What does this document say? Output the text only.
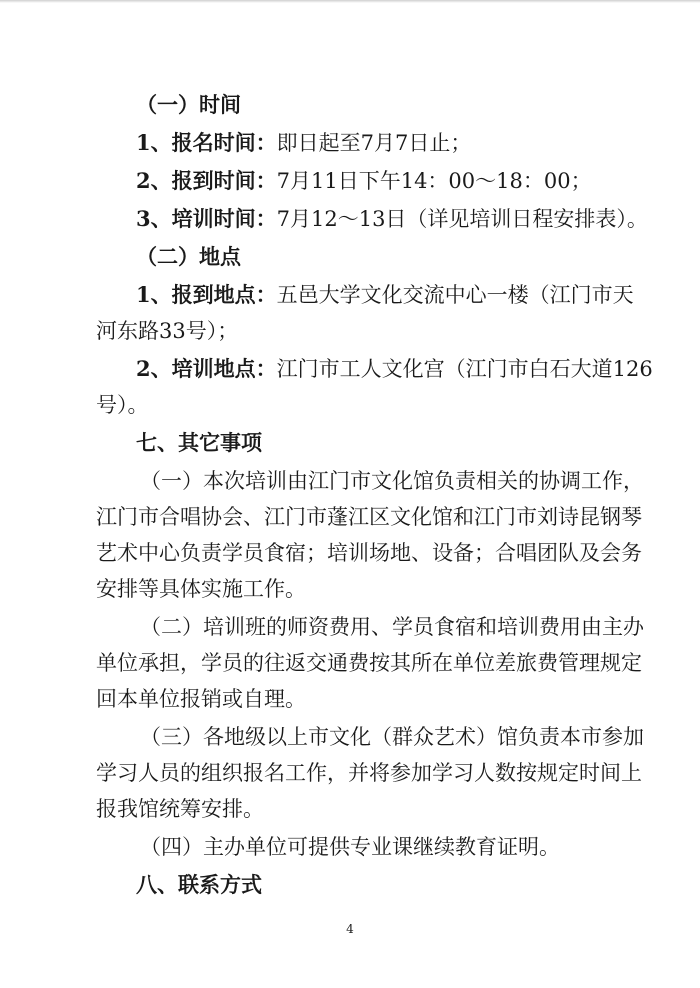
（一）时间
1、报名时间：即日起至7月7日止；
2、报到时间：7月11日下午14：00～18：00；
3、培训时间：7月12～13日（详见培训日程安排表）。
（二）地点
1、报到地点：五邑大学文化交流中心一楼（江门市天
河东路33号）；
2、培训地点：江门市工人文化宫（江门市白石大道126
号）。
七、其它事项
（一）本次培训由江门市文化馆负责相关的协调工作，
江门市合唱协会、江门市蓬江区文化馆和江门市刘诗昆钢琴
艺术中心负责学员食宿；培训场地、设备；合唱团队及会务
安排等具体实施工作。
（二）培训班的师资费用、学员食宿和培训费用由主办
单位承担，学员的往返交通费按其所在单位差旅费管理规定
回本单位报销或自理。
（三）各地级以上市文化（群众艺术）馆负责本市参加
学习人员的组织报名工作，并将参加学习人数按规定时间上
报我馆统筹安排。
（四）主办单位可提供专业课继续教育证明。
八、联系方式
4
